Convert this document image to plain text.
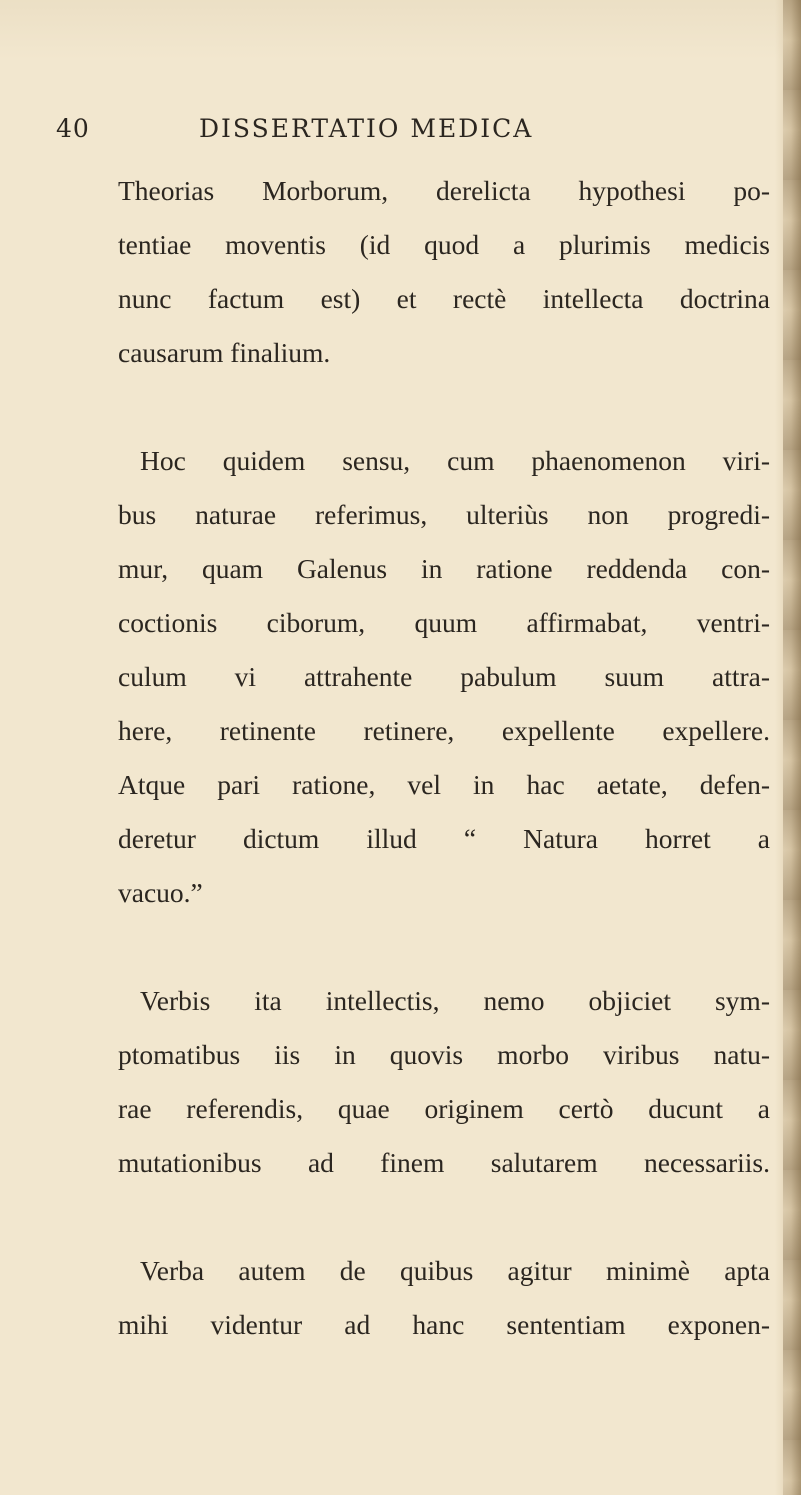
40	DISSERTATIO MEDICA

Theorias Morborum, derelicta hypothesi po-
tentiae moventis (id quod a plurimis medicis
nunc factum est) et rectè intellecta doctrina
causarum finalium.

Hoc quidem sensu, cum phaenomenon viri-
bus naturae referimus, ulteriùs non progredi-
mur, quam Galenus in ratione reddenda con-
coctionis ciborum, quum affirmabat, ventri-
culum vi attrahente pabulum suum attra-
here, retinente retinere, expellente expellere.
Atque pari ratione, vel in hac aetate, defen-
deretur dictum illud “ Natura horret a
vacuo.”

Verbis ita intellectis, nemo objiciet sym-
ptomatibus iis in quovis morbo viribus natu-
rae referendis, quae originem certò ducunt a
mutationibus ad finem salutarem necessariis.

Verba autem de quibus agitur minimè apta
mihi videntur ad hanc sententiam exponen-
